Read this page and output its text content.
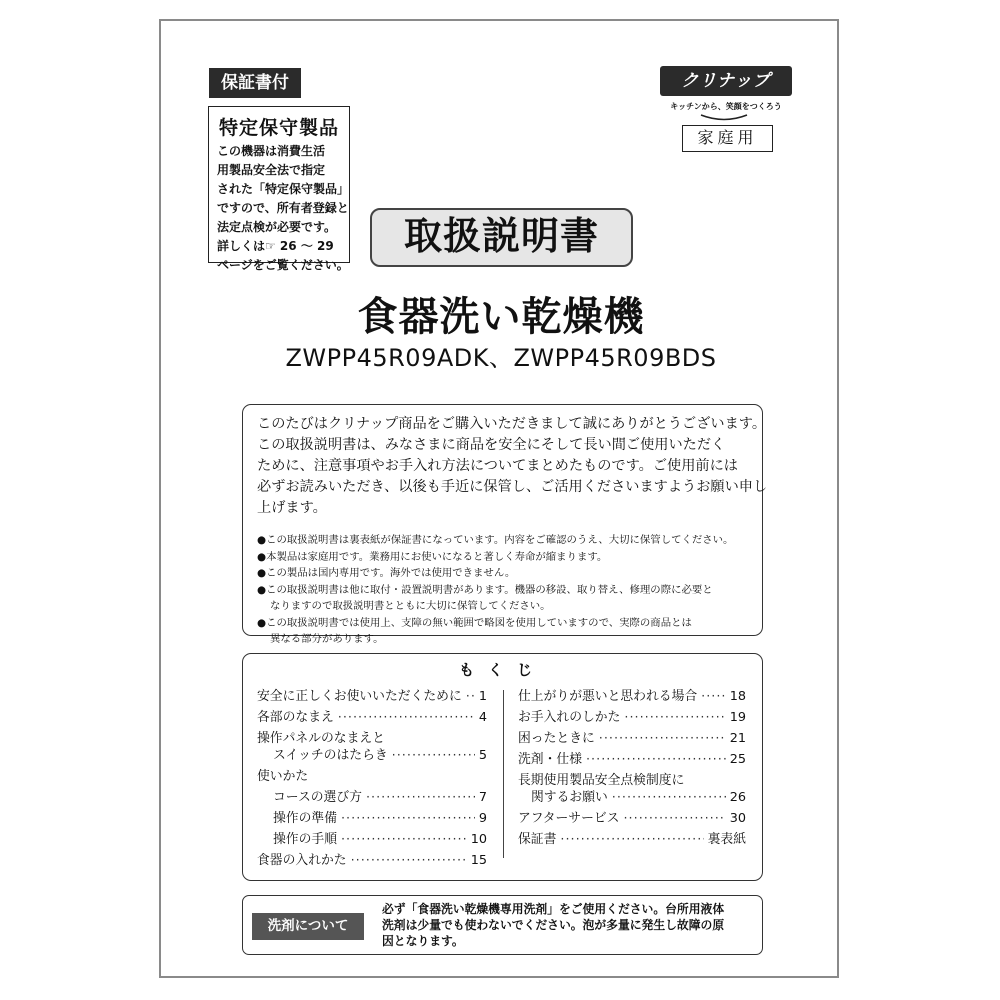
保証書付
特定保守製品
この機器は消費生活
用製品安全法で指定
された「特定保守製品」
ですので、所有者登録と
法定点検が必要です。
詳しくは☞ 26 ～ 29
ページをご覧ください。
クリナップ
キッチンから、笑顔をつくろう
家庭用
取扱説明書
食器洗い乾燥機
ZWPP45R09ADK、ZWPP45R09BDS
このたびはクリナップ商品をご購入いただきまして誠にありがとうございます。
この取扱説明書は、みなさまに商品を安全にそして長い間ご使用いただく
ために、注意事項やお手入れ方法についてまとめたものです。ご使用前には
必ずお読みいただき、以後も手近に保管し、ご活用くださいますようお願い申し
上げます。
●この取扱説明書は裏表紙が保証書になっています。内容をご確認のうえ、大切に保管してください。
●本製品は家庭用です。業務用にお使いになると著しく寿命が縮まります。
●この製品は国内専用です。海外では使用できません。
●この取扱説明書は他に取付・設置説明書があります。機器の移設、取り替え、修理の際に必要と
なりますので取扱説明書とともに大切に保管してください。
●この取扱説明書では使用上、支障の無い範囲で略図を使用していますので、実際の商品とは
異なる部分があります。
もくじ
安全に正しくお使いいただくために ····· 1
各部のなまえ ·····	4
操作パネルのなまえと
スイッチのはたらき ·····	5
使いかた
コースの選び方 ·····	7
操作の準備 ·····	9
操作の手順 ·····	10
食器の入れかた ·····	15
仕上がりが悪いと思われる場合 ·····	18
お手入れのしかた ·····	19
困ったときに ·····	21
洗剤・仕様 ·····	25
長期使用製品安全点検制度に
関するお願い ·····	26
アフターサービス ·····	30
保証書 ·····	裏表紙
洗剤について
必ず「食器洗い乾燥機専用洗剤」をご使用ください。台所用液体
洗剤は少量でも使わないでください。泡が多量に発生し故障の原
因となります。
